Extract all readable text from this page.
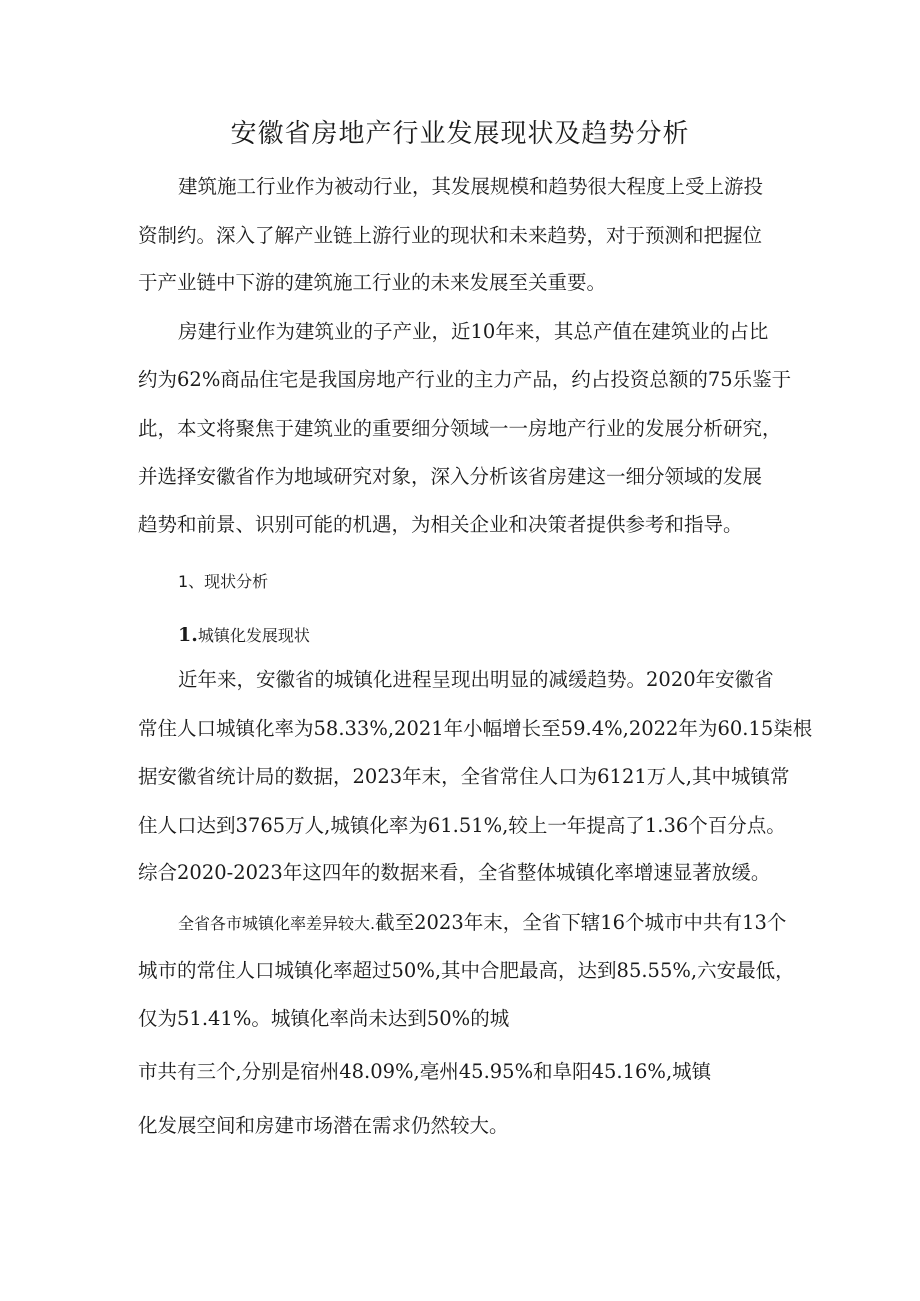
安徽省房地产行业发展现状及趋势分析
建筑施工行业作为被动行业，其发展规模和趋势很大程度上受上游投
资制约。深入了解产业链上游行业的现状和未来趋势，对于预测和把握位
于产业链中下游的建筑施工行业的未来发展至关重要。
房建行业作为建筑业的子产业，近10年来，其总产值在建筑业的占比
约为62%商品住宅是我国房地产行业的主力产品，约占投资总额的75乐鉴于
此，本文将聚焦于建筑业的重要细分领域一一房地产行业的发展分析研究，
并选择安徽省作为地域研究对象，深入分析该省房建这一细分领域的发展
趋势和前景、识别可能的机遇，为相关企业和决策者提供参考和指导。
1、现状分析
1.城镇化发展现状
近年来，安徽省的城镇化进程呈现出明显的减缓趋势。2020年安徽省
常住人口城镇化率为58.33%,2021年小幅增长至59.4%,2022年为60.15柒根
据安徽省统计局的数据，2023年末，全省常住人口为6121万人,其中城镇常
住人口达到3765万人,城镇化率为61.51%,较上一年提高了1.36个百分点。
综合2020-2023年这四年的数据来看，全省整体城镇化率增速显著放缓。
全省各市城镇化率差异较大.截至2023年末，全省下辖16个城市中共有13个
城市的常住人口城镇化率超过50%,其中合肥最高，达到85.55%,六安最低，
仅为51.41%。城镇化率尚未达到50%的城
市共有三个,分别是宿州48.09%,亳州45.95%和阜阳45.16%,城镇
化发展空间和房建市场潜在需求仍然较大。
